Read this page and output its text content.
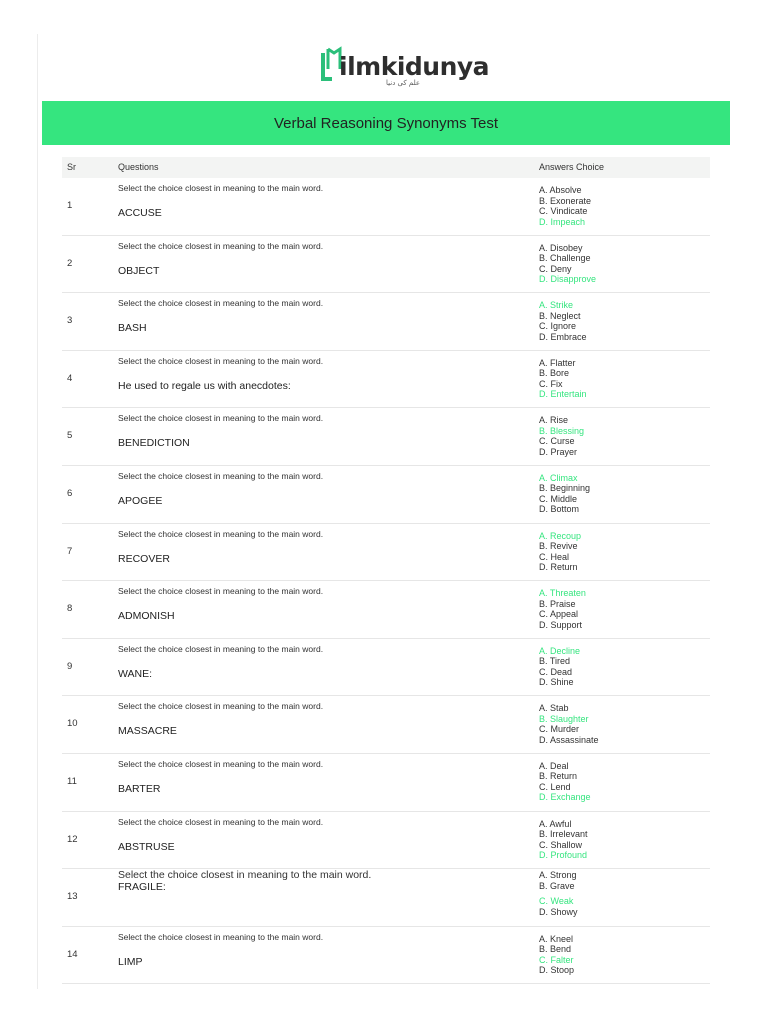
ilmkidunya
علم کی دنیا
Verbal Reasoning Synonyms Test
Sr	Questions	Answers Choice
1
Select the choice closest in meaning to the main word.
ACCUSE
A. Absolve
B. Exonerate
C. Vindicate
D. Impeach
2
Select the choice closest in meaning to the main word.
OBJECT
A. Disobey
B. Challenge
C. Deny
D. Disapprove
3
Select the choice closest in meaning to the main word.
BASH
A. Strike
B. Neglect
C. Ignore
D. Embrace
4
Select the choice closest in meaning to the main word.
He used to regale us with anecdotes:
A. Flatter
B. Bore
C. Fix
D. Entertain
5
Select the choice closest in meaning to the main word.
BENEDICTION
A. Rise
B. Blessing
C. Curse
D. Prayer
6
Select the choice closest in meaning to the main word.
APOGEE
A. Climax
B. Beginning
C. Middle
D. Bottom
7
Select the choice closest in meaning to the main word.
RECOVER
A. Recoup
B. Revive
C. Heal
D. Return
8
Select the choice closest in meaning to the main word.
ADMONISH
A. Threaten
B. Praise
C. Appeal
D. Support
9
Select the choice closest in meaning to the main word.
WANE:
A. Decline
B. Tired
C. Dead
D. Shine
10
Select the choice closest in meaning to the main word.
MASSACRE
A. Stab
B. Slaughter
C. Murder
D. Assassinate
11
Select the choice closest in meaning to the main word.
BARTER
A. Deal
B. Return
C. Lend
D. Exchange
12
Select the choice closest in meaning to the main word.
ABSTRUSE
A. Awful
B. Irrelevant
C. Shallow
D. Profound
13
Select the choice closest in meaning to the main word.
FRAGILE:
A. Strong
B. Grave
C. Weak
D. Showy
14
Select the choice closest in meaning to the main word.
LIMP
A. Kneel
B. Bend
C. Falter
D. Stoop
